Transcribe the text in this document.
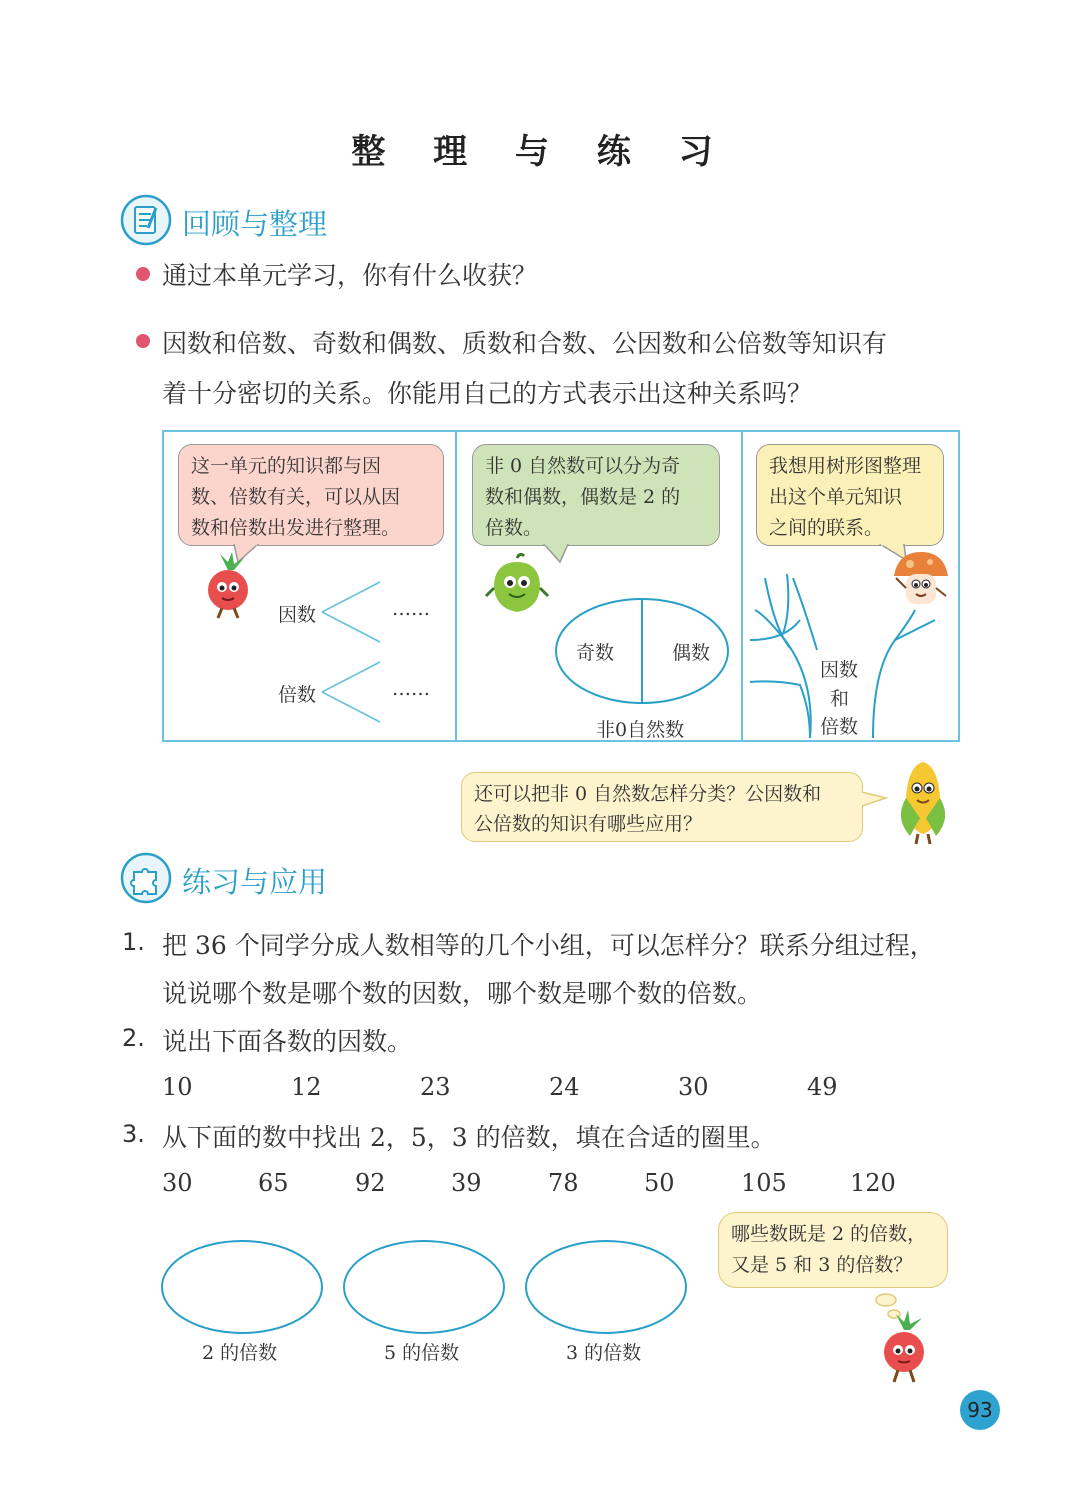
整 理 与 练 习
回顾与整理
通过本单元学习，你有什么收获？
因数和倍数、奇数和偶数、质数和合数、公因数和公倍数等知识有
着十分密切的关系。你能用自己的方式表示出这种关系吗？
这一单元的知识都与因
数、倍数有关，可以从因
数和倍数出发进行整理。
因数	……
倍数	……
非 0 自然数可以分为奇
数和偶数，偶数是 2 的
倍数。
奇数	偶数
非0自然数
我想用树形图整理
出这个单元知识
之间的联系。
因数
和
倍数
还可以把非 0 自然数怎样分类？公因数和
公倍数的知识有哪些应用？
练习与应用
1. 把 36 个同学分成人数相等的几个小组，可以怎样分？联系分组过程，
说说哪个数是哪个数的因数，哪个数是哪个数的倍数。
2. 说出下面各数的因数。
10	12	23	24	30	49
3. 从下面的数中找出 2，5，3 的倍数，填在合适的圈里。
30	65	92	39	78	50	105	120
2 的倍数	5 的倍数	3 的倍数
哪些数既是 2 的倍数，
又是 5 和 3 的倍数？
93
